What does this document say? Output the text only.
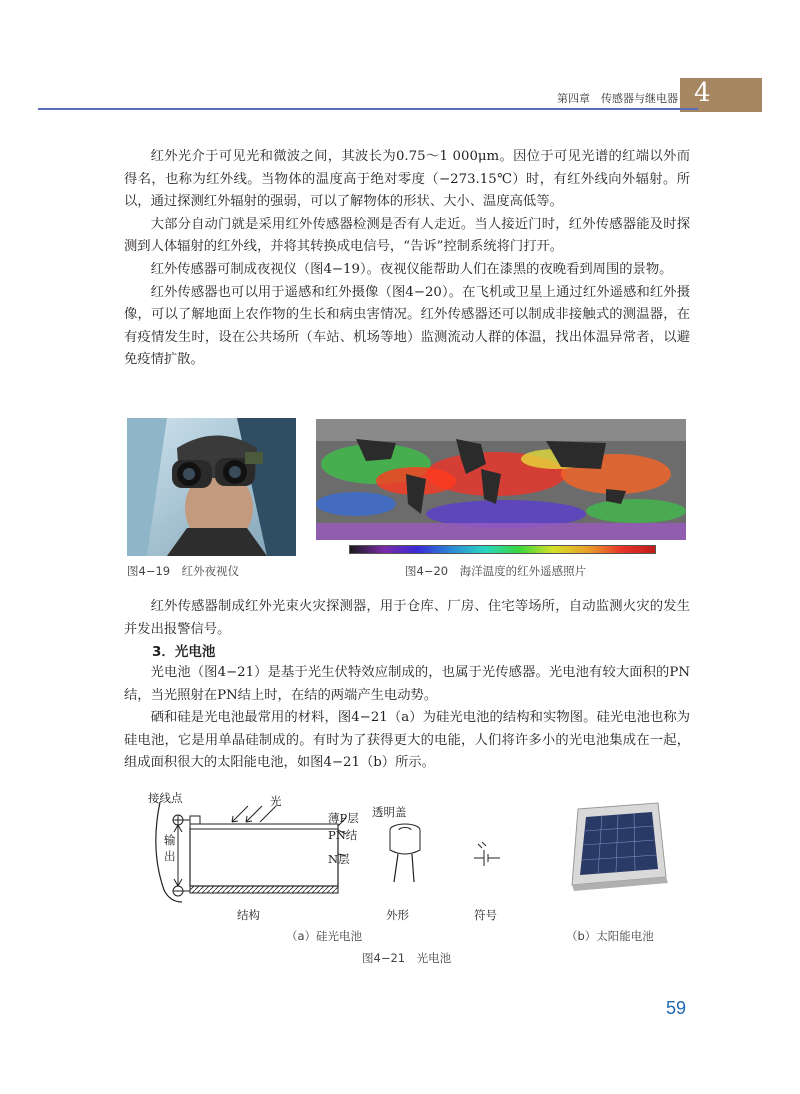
第四章　传感器与继电器 4

红外光介于可见光和微波之间，其波长为0.75～1 000μm。因位于可见光谱的红端以外而得名，也称为红外线。当物体的温度高于绝对零度（−273.15℃）时，有红外线向外辐射。所以，通过探测红外辐射的强弱，可以了解物体的形状、大小、温度高低等。

大部分自动门就是采用红外传感器检测是否有人走近。当人接近门时，红外传感器能及时探测到人体辐射的红外线，并将其转换成电信号，“告诉”控制系统将门打开。

红外传感器可制成夜视仪（图4−19）。夜视仪能帮助人们在漆黑的夜晚看到周围的景物。

红外传感器也可以用于遥感和红外摄像（图4−20）。在飞机或卫星上通过红外遥感和红外摄像，可以了解地面上农作物的生长和病虫害情况。红外传感器还可以制成非接触式的测温器，在有疫情发生时，设在公共场所（车站、机场等地）监测流动人群的体温，找出体温异常者，以避免疫情扩散。

图4−19　红外夜视仪	图4−20　海洋温度的红外遥感照片

红外传感器制成红外光束火灾探测器，用于仓库、厂房、住宅等场所，自动监测火灾的发生并发出报警信号。

3．光电池

光电池（图4−21）是基于光生伏特效应制成的，也属于光传感器。光电池有较大面积的PN结，当光照射在PN结上时，在结的两端产生电动势。

硒和硅是光电池最常用的材料，图4−21（a）为硅光电池的结构和实物图。硅光电池也称为硅电池，它是用单晶硅制成的。有时为了获得更大的电能，人们将许多小的光电池集成在一起，组成面积很大的太阳能电池，如图4−21（b）所示。

接线点	光
薄P层
PN结
N层
输出
透明盖
结构	外形	符号
（a）硅光电池	（b）太阳能电池
图4−21　光电池
59
